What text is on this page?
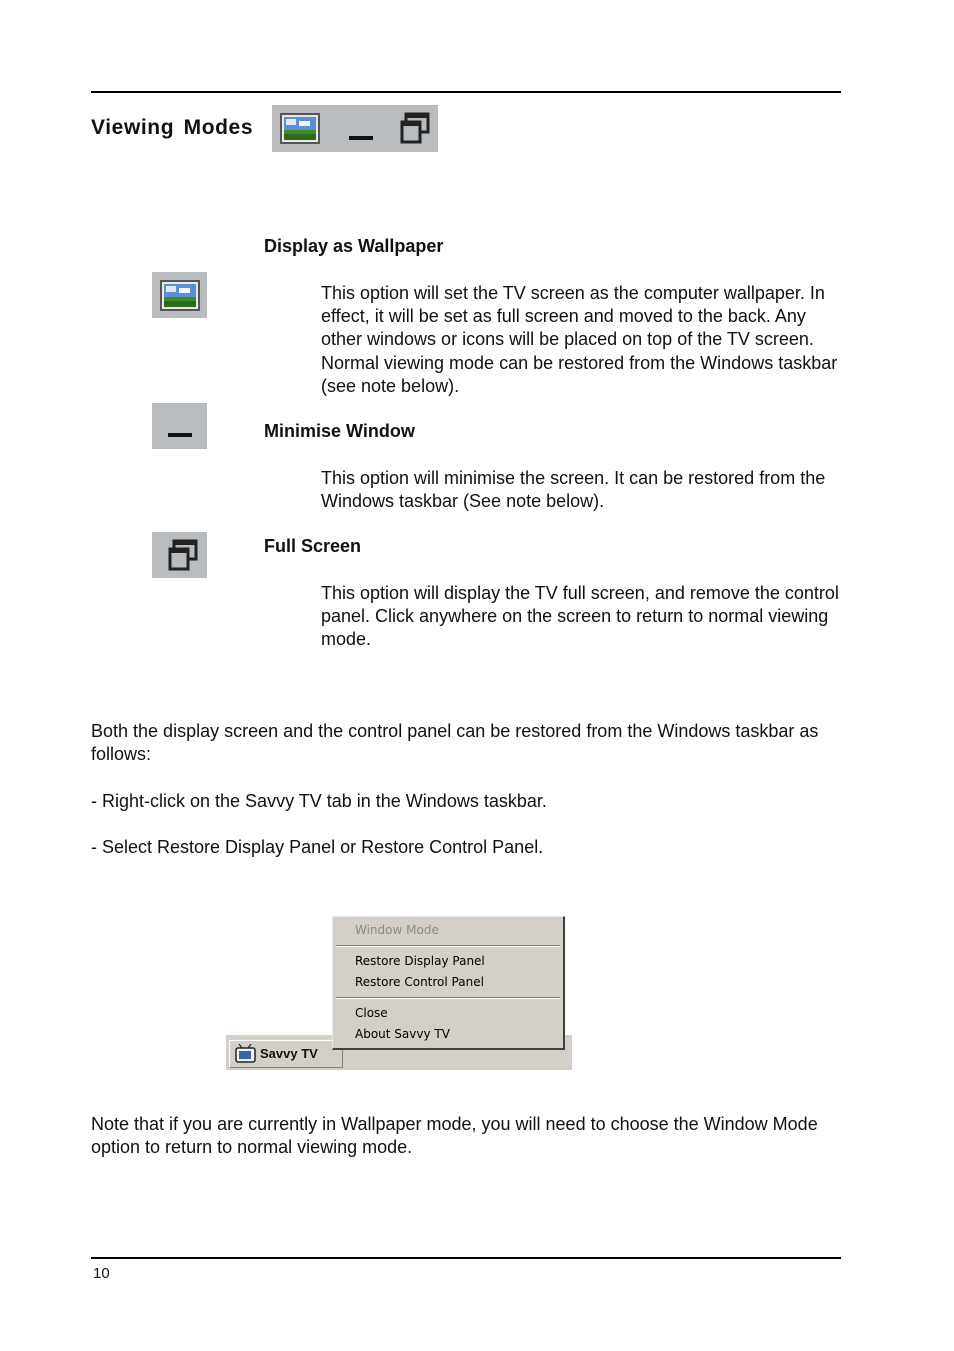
Viewing Modes
Display as Wallpaper
This option will set the TV screen as the computer wallpaper. In effect, it will be set as full screen and moved to the back. Any other windows or icons will be placed on top of the TV screen. Normal viewing mode can be restored from the Windows taskbar (see note below).
Minimise Window
This option will minimise the screen. It can be restored from the Windows taskbar (See note below).
Full Screen
This option will display the TV full screen, and remove the control panel. Click anywhere on the screen to return to normal viewing mode.
Both the display screen and the control panel can be restored from the Windows taskbar as follows:
- Right-click on the Savvy TV tab in the Windows taskbar.
- Select Restore Display Panel or Restore Control Panel.
Savvy TV
Window Mode
Restore Display Panel
Restore Control Panel
Close
About Savvy TV
Note that if you are currently in Wallpaper mode, you will need to choose the Window Mode option to return to normal viewing mode.
10
